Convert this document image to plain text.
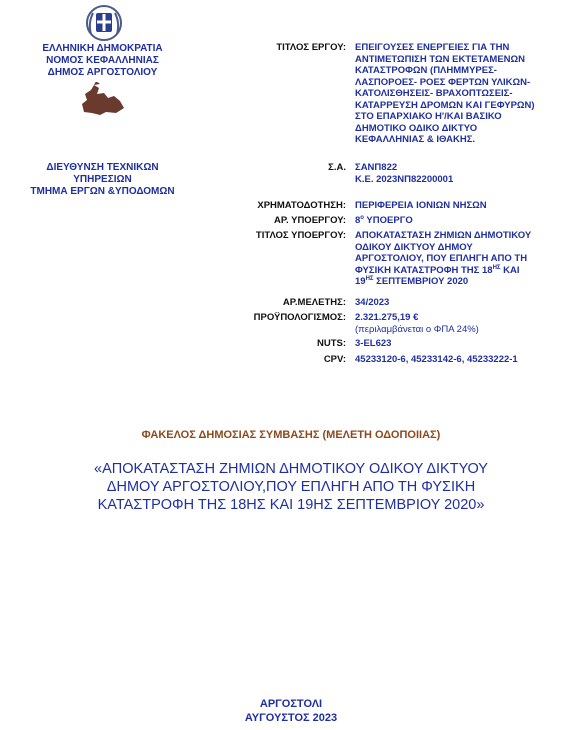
ΕΛΛΗΝΙΚΗ ΔΗΜΟΚΡΑΤΙΑ
ΝΟΜΟΣ ΚΕΦΑΛΛΗΝΙΑΣ
ΔΗΜΟΣ ΑΡΓΟΣΤΟΛΙΟΥ
ΔΙΕΥΘΥΝΣΗ ΤΕΧΝΙΚΩΝ
ΥΠΗΡΕΣΙΩΝ
ΤΜΗΜΑ ΕΡΓΩΝ &ΥΠΟΔΟΜΩΝ
ΤΙΤΛΟΣ ΕΡΓΟΥ: ΕΠΕΙΓΟΥΣΕΣ ΕΝΕΡΓΕΙΕΣ ΓΙΑ ΤΗΝ
ΑΝΤΙΜΕΤΩΠΙΣΗ ΤΩΝ ΕΚΤΕΤΑΜΕΝΩΝ
ΚΑΤΑΣΤΡΟΦΩΝ (ΠΛΗΜΜΥΡΕΣ-
ΛΑΣΠΟΡΟΕΣ- ΡΟΕΣ ΦΕΡΤΩΝ ΥΛΙΚΩΝ-
ΚΑΤΟΛΙΣΘΗΣΕΙΣ- ΒΡΑΧΟΠΤΩΣΕΙΣ-
ΚΑΤΑΡΡΕΥΣΗ ΔΡΟΜΩΝ ΚΑΙ ΓΕΦΥΡΩΝ)
ΣΤΟ ΕΠΑΡΧΙΑΚΟ Η'/ΚΑΙ ΒΑΣΙΚΟ
ΔΗΜΟΤΙΚΟ ΟΔΙΚΟ ΔΙΚΤΥΟ
ΚΕΦΑΛΛΗΝΙΑΣ & ΙΘΑΚΗΣ.
Σ.Α. ΣΑΝΠ822
Κ.Ε. 2023ΝΠ82200001
ΧΡΗΜΑΤΟΔΟΤΗΣΗ: ΠΕΡΙΦΕΡΕΙΑ ΙΟΝΙΩΝ ΝΗΣΩΝ
ΑΡ. ΥΠΟΕΡΓΟΥ: $8^o$ ΥΠΟΕΡΓΟ
ΤΙΤΛΟΣ ΥΠΟΕΡΓΟΥ: ΑΠΟΚΑΤΑΣΤΑΣΗ ΖΗΜΙΩΝ ΔΗΜΟΤΙΚΟΥ
ΟΔΙΚΟΥ ΔΙΚΤΥΟΥ ΔΗΜΟΥ
ΑΡΓΟΣΤΟΛΙΟΥ, ΠΟΥ ΕΠΛΗΓΗ ΑΠΟ ΤΗ
ΦΥΣΙΚΗ ΚΑΤΑΣΤΡΟΦΗ ΤΗΣ $18^{H\Sigma}$ ΚΑΙ
$19^{H\Sigma}$ ΣΕΠΤΕΜΒΡΙΟΥ 2020
ΑΡ.ΜΕΛΕΤΗΣ: 34/2023
ΠΡΟΫΠΟΛΟΓΙΣΜΟΣ: 2.321.275,19 €
(περιλαμβάνεται ο ΦΠΑ 24%)
NUTS: 3-EL623
CPV: 45233120-6, 45233142-6, 45233222-1
ΦΑΚΕΛΟΣ ΔΗΜΟΣΙΑΣ ΣΥΜΒΑΣΗΣ (ΜΕΛΕΤΗ ΟΔΟΠΟΙΙΑΣ)
«ΑΠΟΚΑΤΑΣΤΑΣΗ ΖΗΜΙΩΝ ΔΗΜΟΤΙΚΟΥ ΟΔΙΚΟΥ ΔΙΚΤΥΟΥ
ΔΗΜΟΥ ΑΡΓΟΣΤΟΛΙΟΥ,ΠΟΥ ΕΠΛΗΓΗ ΑΠΟ ΤΗ ΦΥΣΙΚΗ
ΚΑΤΑΣΤΡΟΦΗ ΤΗΣ 18ΗΣ ΚΑΙ 19ΗΣ ΣΕΠΤΕΜΒΡΙΟΥ 2020»
ΑΡΓΟΣΤΟΛΙ
ΑΥΓΟΥΣΤΟΣ 2023
